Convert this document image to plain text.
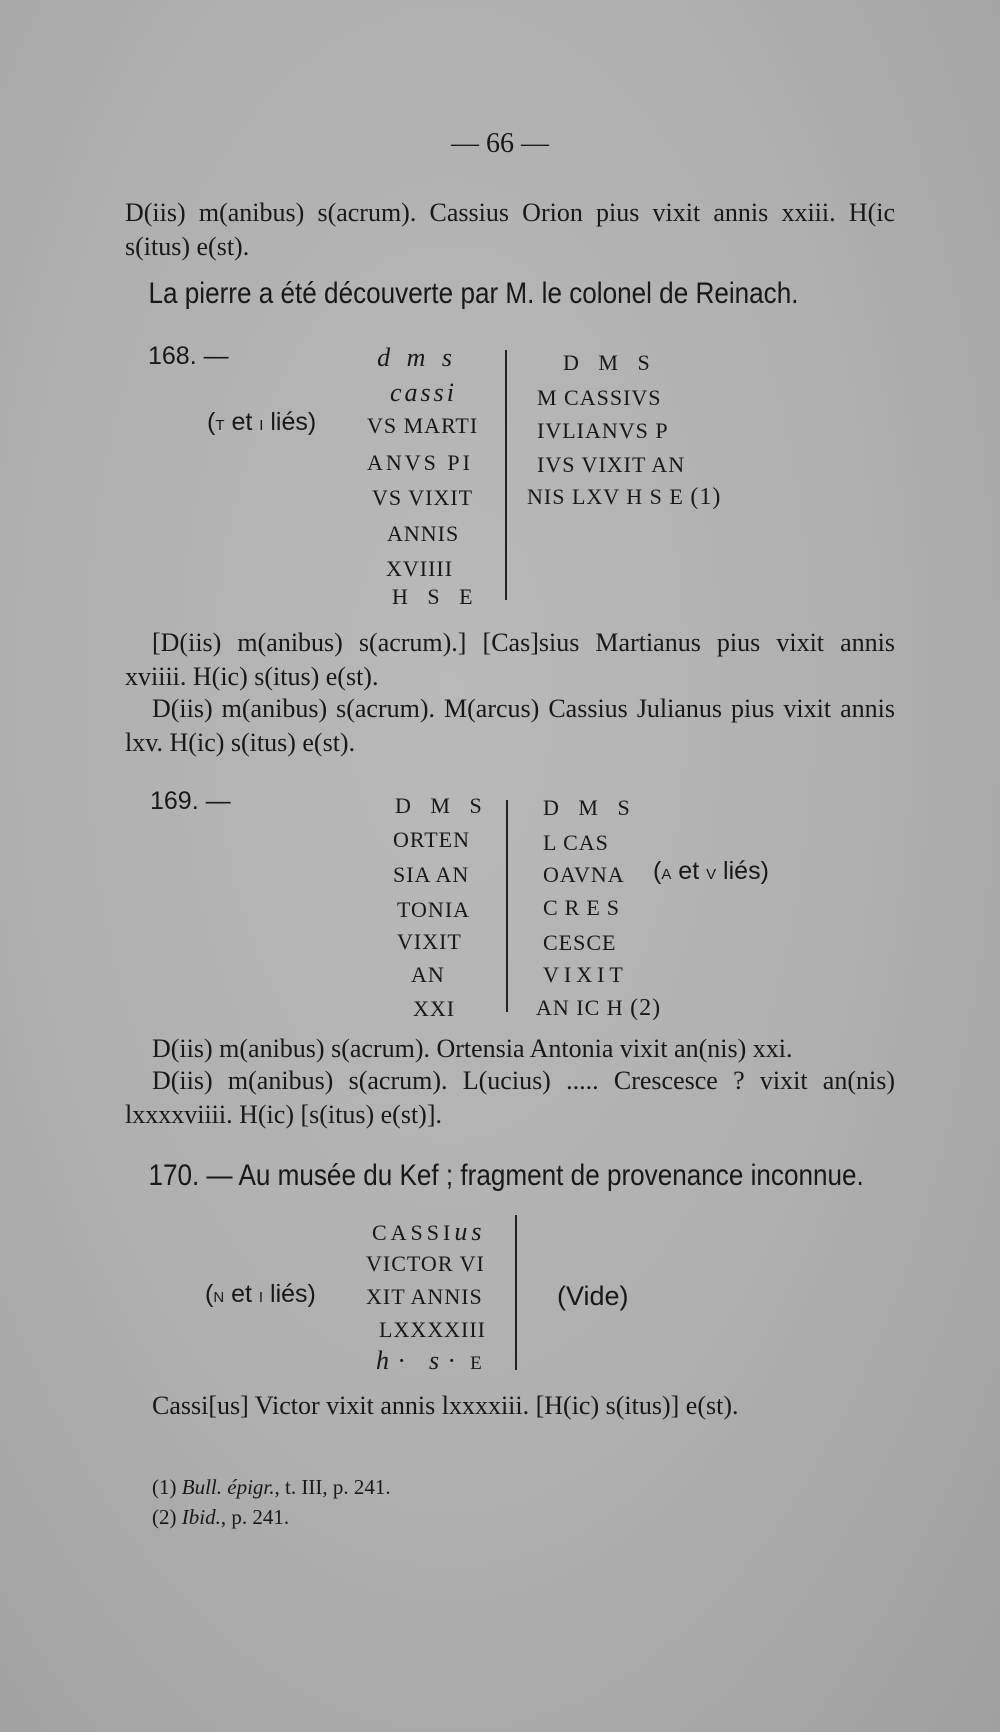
— 66 —
D(iis) m(anibus) s(acrum). Cassius Orion pius vixit annis xxiii. H(ic s(itus) e(st).
La pierre a été découverte par M. le colonel de Reinach.
168. —
(T et I liés)
d m s
cassi
VS MARTI
ANVS PI
VS VIXIT
ANNIS
XVIIII
H S E
D M S
M CASSIVS
IVLIANVS P
IVS VIXIT AN
NIS LXV H S E (1)
[D(iis) m(anibus) s(acrum).] [Cas]sius Martianus pius vixit annis xviiii. H(ic) s(itus) e(st).
D(iis) m(anibus) s(acrum). M(arcus) Cassius Julianus pius vixit annis lxv. H(ic) s(itus) e(st).
169. —	D M S
ORTEN
SIA AN
TONIA
VIXIT
AN
XXI
D M S
L CAS
OAVNA
CRES
CESCE
VIXIT
AN IC H (2)
(A et V liés)
D(iis) m(anibus) s(acrum). Ortensia Antonia vixit an(nis) xxi.
D(iis) m(anibus) s(acrum). L(ucius) ..... Crescesce ? vixit an(nis) lxxxxviiii. H(ic) [s(itus) e(st)].
170. — Au musée du Kef ; fragment de provenance inconnue.
CASSIus
VICTOR VI
XIT ANNIS
LXXXXIII
h· s· E
(N et I liés)	(Vide)
Cassi[us] Victor vixit annis lxxxxiii. [H(ic) s(itus)] e(st).
(1) Bull. épigr., t. III, p. 241.
(2) Ibid., p. 241.
